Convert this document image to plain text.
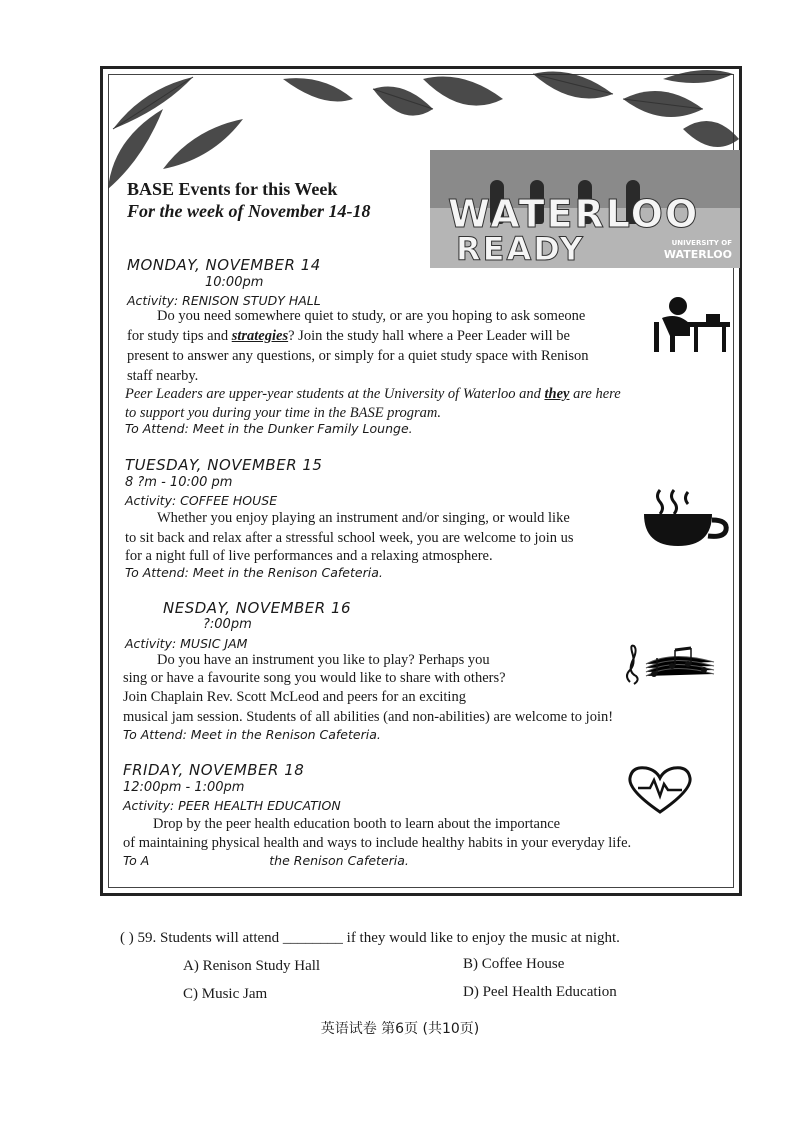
WATERLOO
READY	UNIVERSITY OF
WATERLOO
BASE Events for this Week
For the week of November 14-18
MONDAY, NOVEMBER 14
10:00pm
Activity: RENISON STUDY HALL
Do you need somewhere quiet to study, or are you hoping to ask someone
for study tips and strategies? Join the study hall where a Peer Leader will be
present to answer any questions, or simply for a quiet study space with Renison
staff nearby.
Peer Leaders are upper-year students at the University of Waterloo and they are here
to support you during your time in the BASE program.
To Attend: Meet in the Dunker Family Lounge.
TUESDAY, NOVEMBER 15
8 ?m - 10:00 pm
Activity: COFFEE HOUSE
Whether you enjoy playing an instrument and/or singing, or would like
to sit back and relax after a stressful school week, you are welcome to join us
for a night full of live performances and a relaxing atmosphere.
To Attend: Meet in the Renison Cafeteria.
NESDAY, NOVEMBER 16
?:00pm
Activity: MUSIC JAM
Do you have an instrument you like to play? Perhaps you
sing or have a favourite song you would like to share with others?
Join Chaplain Rev. Scott McLeod and peers for an exciting
musical jam session. Students of all abilities (and non-abilities) are welcome to join!
To Attend: Meet in the Renison Cafeteria.
FRIDAY, NOVEMBER 18
12:00pm - 1:00pm
Activity: PEER HEALTH EDUCATION
Drop by the peer health education booth to learn about the importance
of maintaining physical health and ways to include healthy habits in your everyday life.
To A	the Renison Cafeteria.
( ) 59. Students will attend ________ if they would like to enjoy the music at night.
A) Renison Study Hall	B) Coffee House
C) Music Jam	D) Peel Health Education
英语试卷 第6页 (共10页)
